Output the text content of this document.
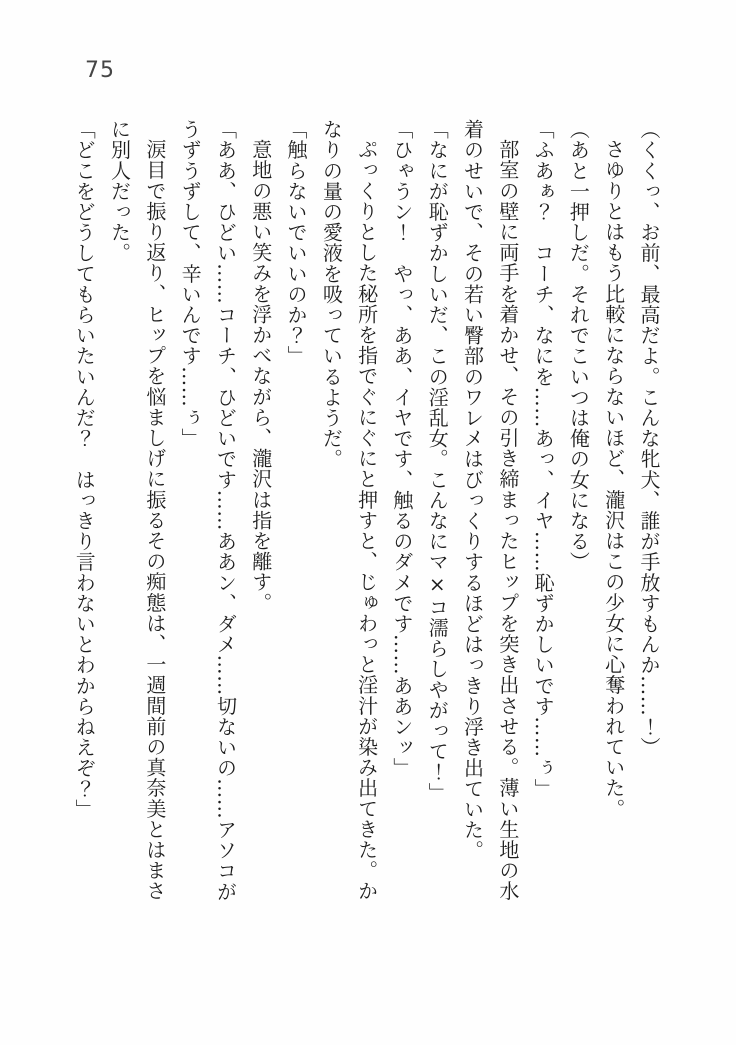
75

（くくっ、お前、最高だよ。こんな牝犬、誰が手放すもんか……！）

さゆりとはもう比較にならないほど、瀧沢はこの少女に心奪われていた。

（あと一押しだ。それでこいつは俺の女になる）

「ふあぁ？　コーチ、なにを……あっ、イヤ……恥ずかしいです……ぅ」

部室の壁に両手を着かせ、その引き締まったヒップを突き出させる。薄い生地の水

着のせいで、その若い臀部のワレメはびっくりするほどはっきり浮き出ていた。

「なにが恥ずかしいだ、この淫乱女。こんなにマ×コ濡らしやがって！」

「ひゃうン！　やっ、ああ、イヤです、触るのダメです……ああンッ」

ぷっくりとした秘所を指でぐにぐにと押すと、じゅわっと淫汁が染み出てきた。か

なりの量の愛液を吸っているようだ。

「触らないでいいのか？」

意地の悪い笑みを浮かべながら、瀧沢は指を離す。

「ああ、ひどい……コーチ、ひどいです……ああン、ダメ……切ないの……アソコが

うずうずして、辛いんです……ぅ」

涙目で振り返り、ヒップを悩ましげに振るその痴態は、一週間前の真奈美とはまさ

に別人だった。

「どこをどうしてもらいたいんだ？　はっきり言わないとわからねえぞ？」
